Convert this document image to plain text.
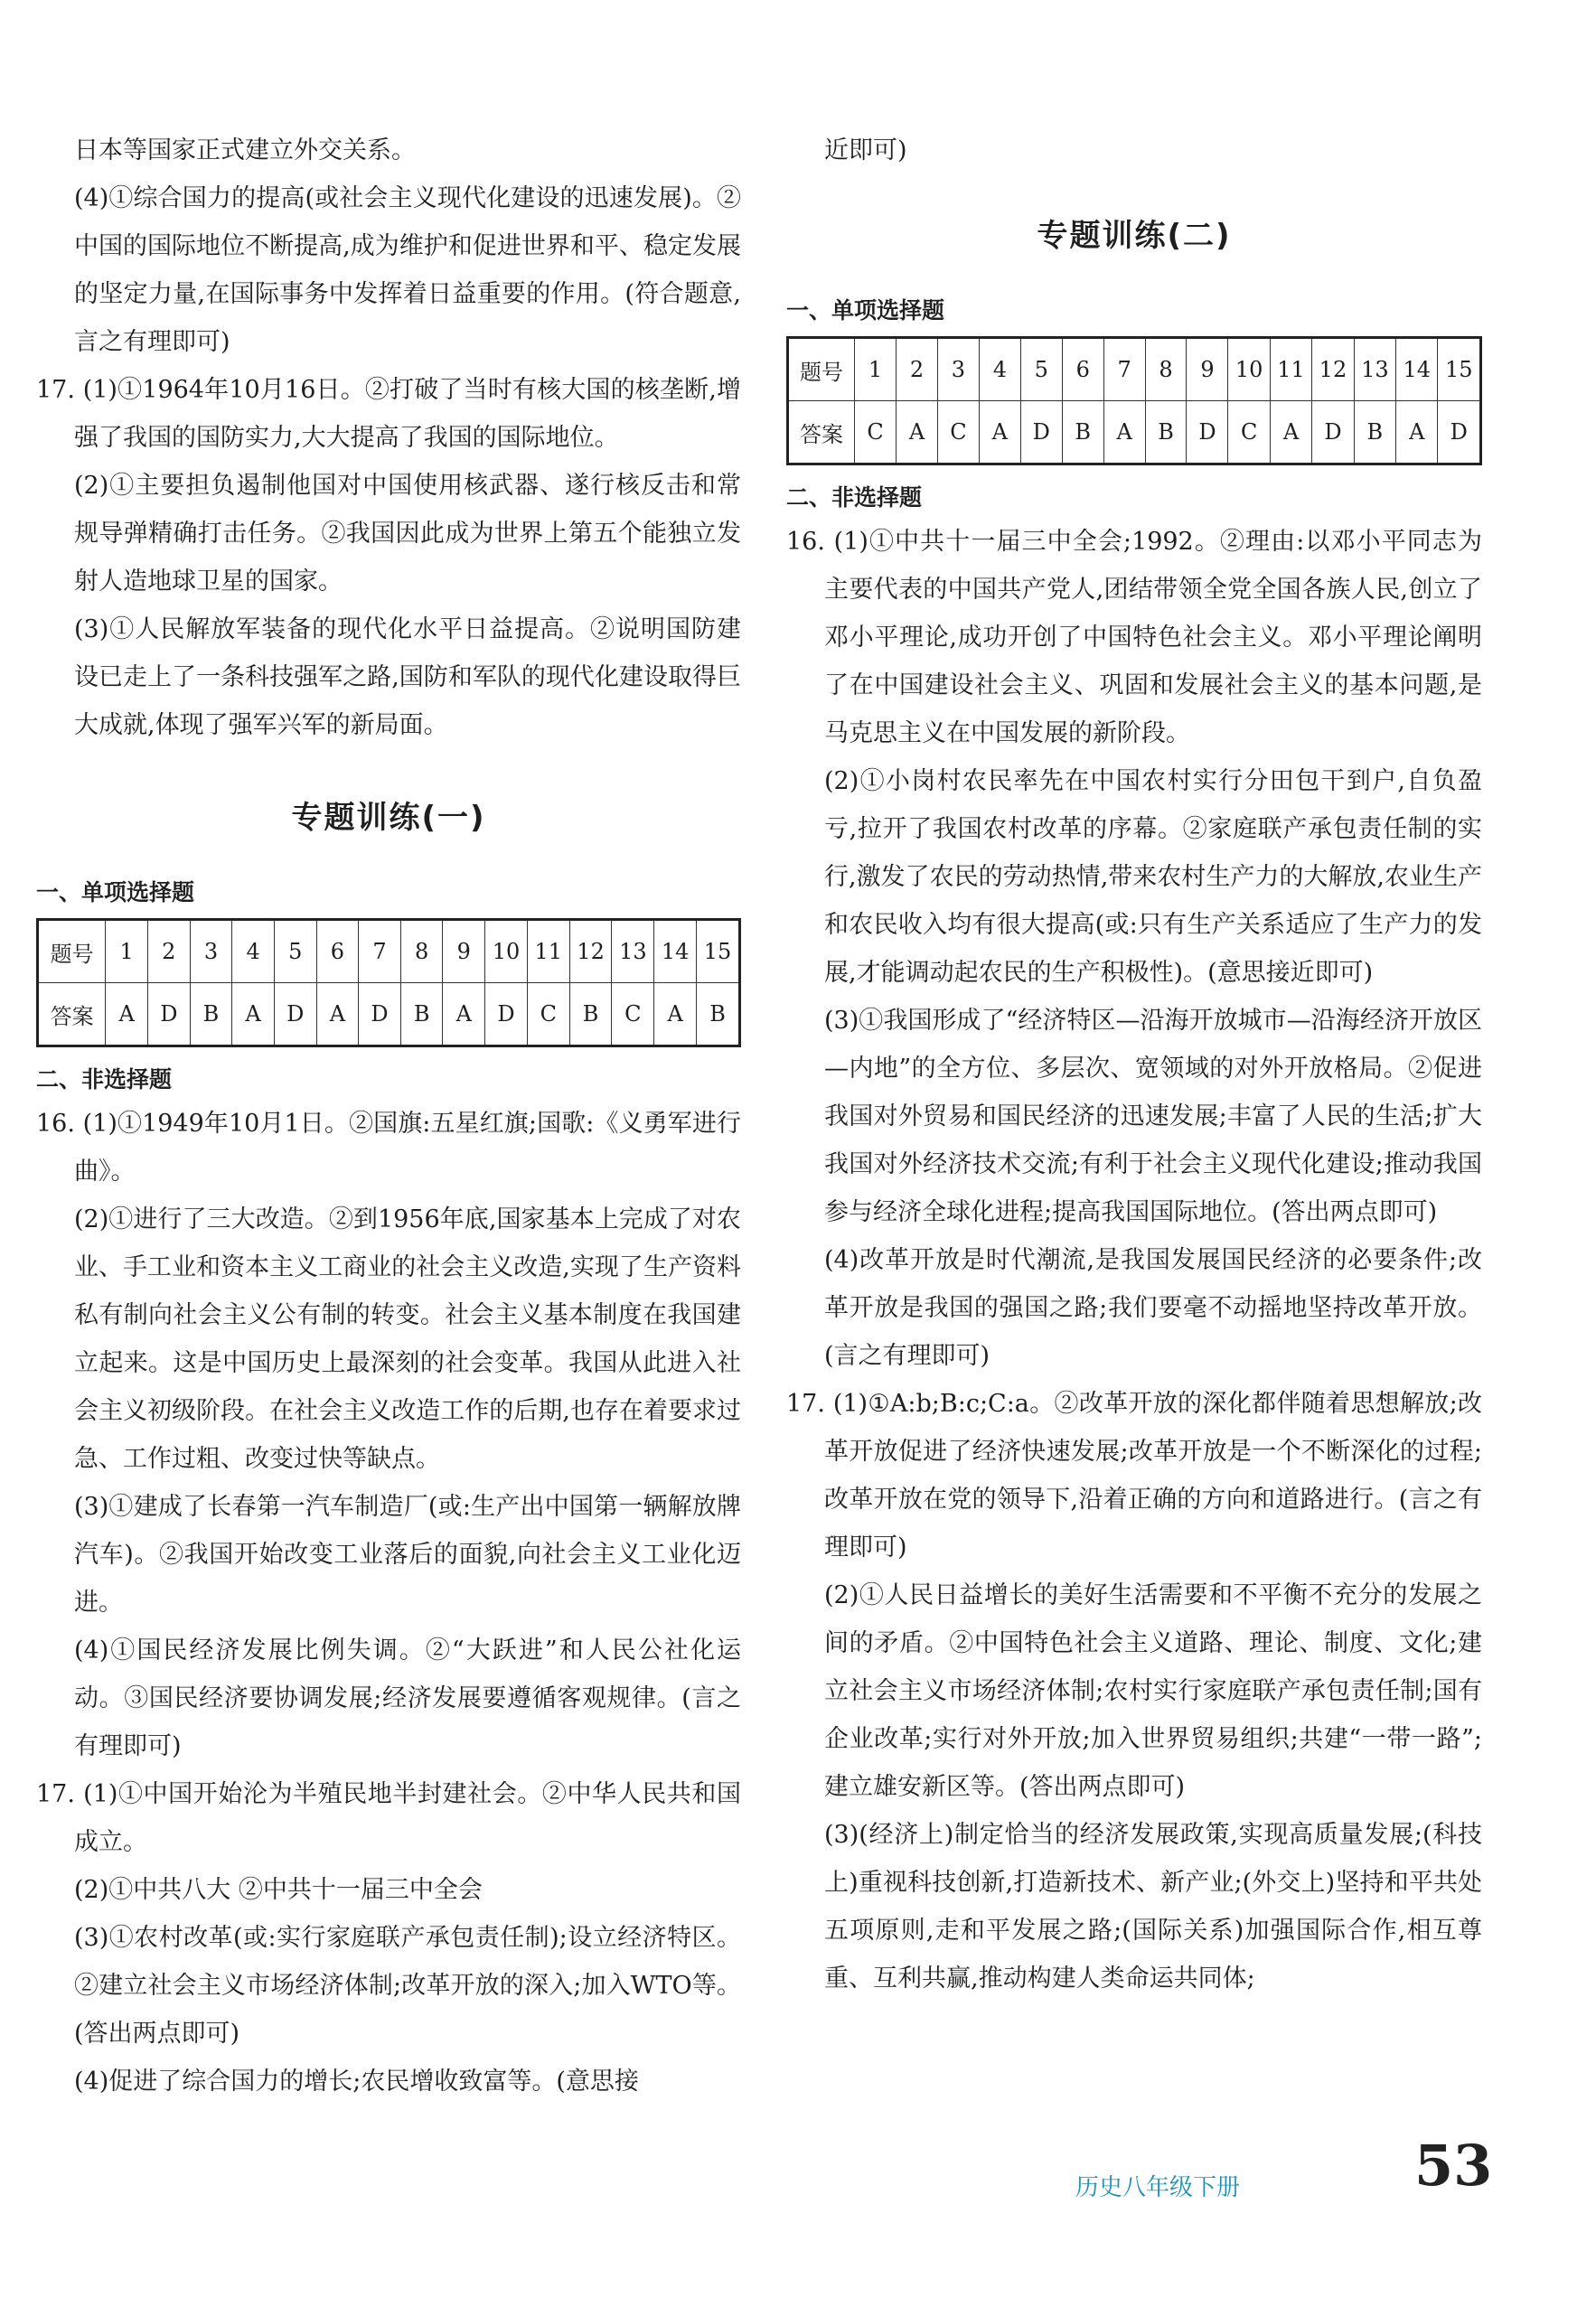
日本等国家正式建立外交关系。

(4)①综合国力的提高(或社会主义现代化建设的迅速发展)。②中国的国际地位不断提高,成为维护和促进世界和平、稳定发展的坚定力量,在国际事务中发挥着日益重要的作用。(符合题意,言之有理即可)

17. (1)①1964年10月16日。②打破了当时有核大国的核垄断,增强了我国的国防实力,大大提高了我国的国际地位。

(2)①主要担负遏制他国对中国使用核武器、遂行核反击和常规导弹精确打击任务。②我国因此成为世界上第五个能独立发射人造地球卫星的国家。

(3)①人民解放军装备的现代化水平日益提高。②说明国防建设已走上了一条科技强军之路,国防和军队的现代化建设取得巨大成就,体现了强军兴军的新局面。

专题训练(一)

一、单项选择题

题号	1	2	3	4	5	6	7	8	9	10	11	12	13	14	15
答案	A	D	B	A	D	A	D	B	A	D	C	B	C	A	B

二、非选择题

16. (1)①1949年10月1日。②国旗:五星红旗;国歌:《义勇军进行曲》。

(2)①进行了三大改造。②到1956年底,国家基本上完成了对农业、手工业和资本主义工商业的社会主义改造,实现了生产资料私有制向社会主义公有制的转变。社会主义基本制度在我国建立起来。这是中国历史上最深刻的社会变革。我国从此进入社会主义初级阶段。在社会主义改造工作的后期,也存在着要求过急、工作过粗、改变过快等缺点。

(3)①建成了长春第一汽车制造厂(或:生产出中国第一辆解放牌汽车)。②我国开始改变工业落后的面貌,向社会主义工业化迈进。

(4)①国民经济发展比例失调。②“大跃进”和人民公社化运动。③国民经济要协调发展;经济发展要遵循客观规律。(言之有理即可)

17. (1)①中国开始沦为半殖民地半封建社会。②中华人民共和国成立。

(2)①中共八大 ②中共十一届三中全会

(3)①农村改革(或:实行家庭联产承包责任制);设立经济特区。②建立社会主义市场经济体制;改革开放的深入;加入WTO等。(答出两点即可)

(4)促进了综合国力的增长;农民增收致富等。(意思接

近即可)

专题训练(二)

一、单项选择题

题号	1	2	3	4	5	6	7	8	9	10	11	12	13	14	15
答案	C	A	C	A	D	B	A	B	D	C	A	D	B	A	D

二、非选择题

16. (1)①中共十一届三中全会;1992。②理由:以邓小平同志为主要代表的中国共产党人,团结带领全党全国各族人民,创立了邓小平理论,成功开创了中国特色社会主义。邓小平理论阐明了在中国建设社会主义、巩固和发展社会主义的基本问题,是马克思主义在中国发展的新阶段。

(2)①小岗村农民率先在中国农村实行分田包干到户,自负盈亏,拉开了我国农村改革的序幕。②家庭联产承包责任制的实行,激发了农民的劳动热情,带来农村生产力的大解放,农业生产和农民收入均有很大提高(或:只有生产关系适应了生产力的发展,才能调动起农民的生产积极性)。(意思接近即可)

(3)①我国形成了“经济特区—沿海开放城市—沿海经济开放区—内地”的全方位、多层次、宽领域的对外开放格局。②促进我国对外贸易和国民经济的迅速发展;丰富了人民的生活;扩大我国对外经济技术交流;有利于社会主义现代化建设;推动我国参与经济全球化进程;提高我国国际地位。(答出两点即可)

(4)改革开放是时代潮流,是我国发展国民经济的必要条件;改革开放是我国的强国之路;我们要毫不动摇地坚持改革开放。(言之有理即可)

17. (1)①A:b;B:c;C:a。②改革开放的深化都伴随着思想解放;改革开放促进了经济快速发展;改革开放是一个不断深化的过程;改革开放在党的领导下,沿着正确的方向和道路进行。(言之有理即可)

(2)①人民日益增长的美好生活需要和不平衡不充分的发展之间的矛盾。②中国特色社会主义道路、理论、制度、文化;建立社会主义市场经济体制;农村实行家庭联产承包责任制;国有企业改革;实行对外开放;加入世界贸易组织;共建“一带一路”;建立雄安新区等。(答出两点即可)

(3)(经济上)制定恰当的经济发展政策,实现高质量发展;(科技上)重视科技创新,打造新技术、新产业;(外交上)坚持和平共处五项原则,走和平发展之路;(国际关系)加强国际合作,相互尊重、互利共赢,推动构建人类命运共同体;

历史八年级下册	53
